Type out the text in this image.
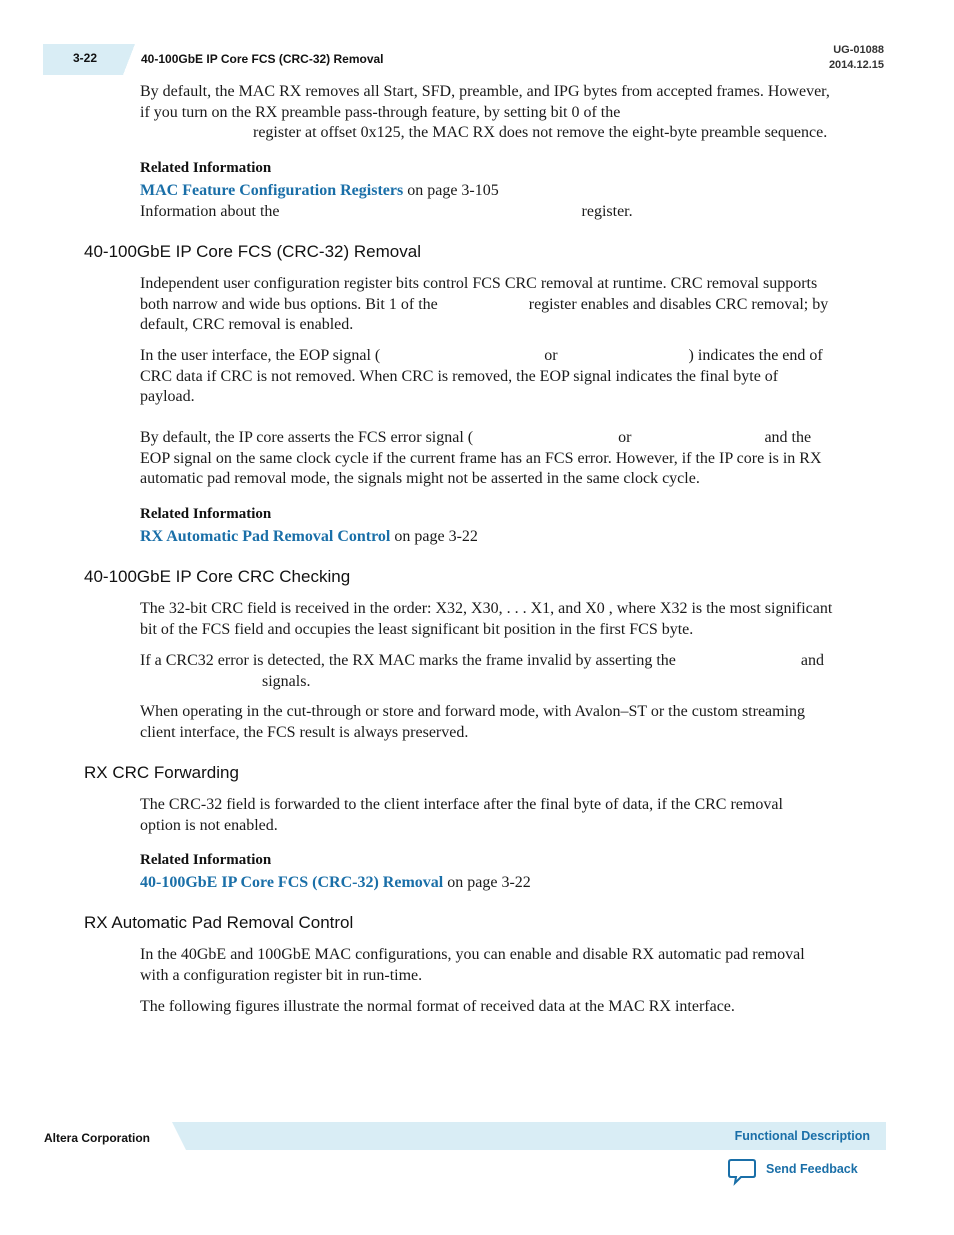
3-22	40-100GbE IP Core FCS (CRC-32) Removal
UG-01088
2014.12.15
By default, the MAC RX removes all Start, SFD, preamble, and IPG bytes from accepted frames. However,
if you turn on the RX preamble pass-through feature, by setting bit 0 of the
register at offset 0x125, the MAC RX does not remove the eight-byte preamble sequence.
Related Information
MAC Feature Configuration Registers on page 3-105
Information about the	register.
40-100GbE IP Core FCS (CRC-32) Removal
Independent user configuration register bits control FCS CRC removal at runtime. CRC removal supports
both narrow and wide bus options. Bit 1 of the	register enables and disables CRC removal; by
default, CRC removal is enabled.
In the user interface, the EOP signal (	or	) indicates the end of
CRC data if CRC is not removed. When CRC is removed, the EOP signal indicates the final byte of
payload.
By default, the IP core asserts the FCS error signal (	or	and the
EOP signal on the same clock cycle if the current frame has an FCS error. However, if the IP core is in RX
automatic pad removal mode, the signals might not be asserted in the same clock cycle.
Related Information
RX Automatic Pad Removal Control on page 3-22
40-100GbE IP Core CRC Checking
The 32-bit CRC field is received in the order: X32, X30, . . . X1, and X0 , where X32 is the most significant
bit of the FCS field and occupies the least significant bit position in the first FCS byte.
If a CRC32 error is detected, the RX MAC marks the frame invalid by asserting the	and
signals.
When operating in the cut-through or store and forward mode, with Avalon–ST or the custom streaming
client interface, the FCS result is always preserved.
RX CRC Forwarding
The CRC-32 field is forwarded to the client interface after the final byte of data, if the CRC removal
option is not enabled.
Related Information
40-100GbE IP Core FCS (CRC-32) Removal on page 3-22
RX Automatic Pad Removal Control
In the 40GbE and 100GbE MAC configurations, you can enable and disable RX automatic pad removal
with a configuration register bit in run-time.
The following figures illustrate the normal format of received data at the MAC RX interface.
Altera Corporation	Functional Description
Send Feedback
